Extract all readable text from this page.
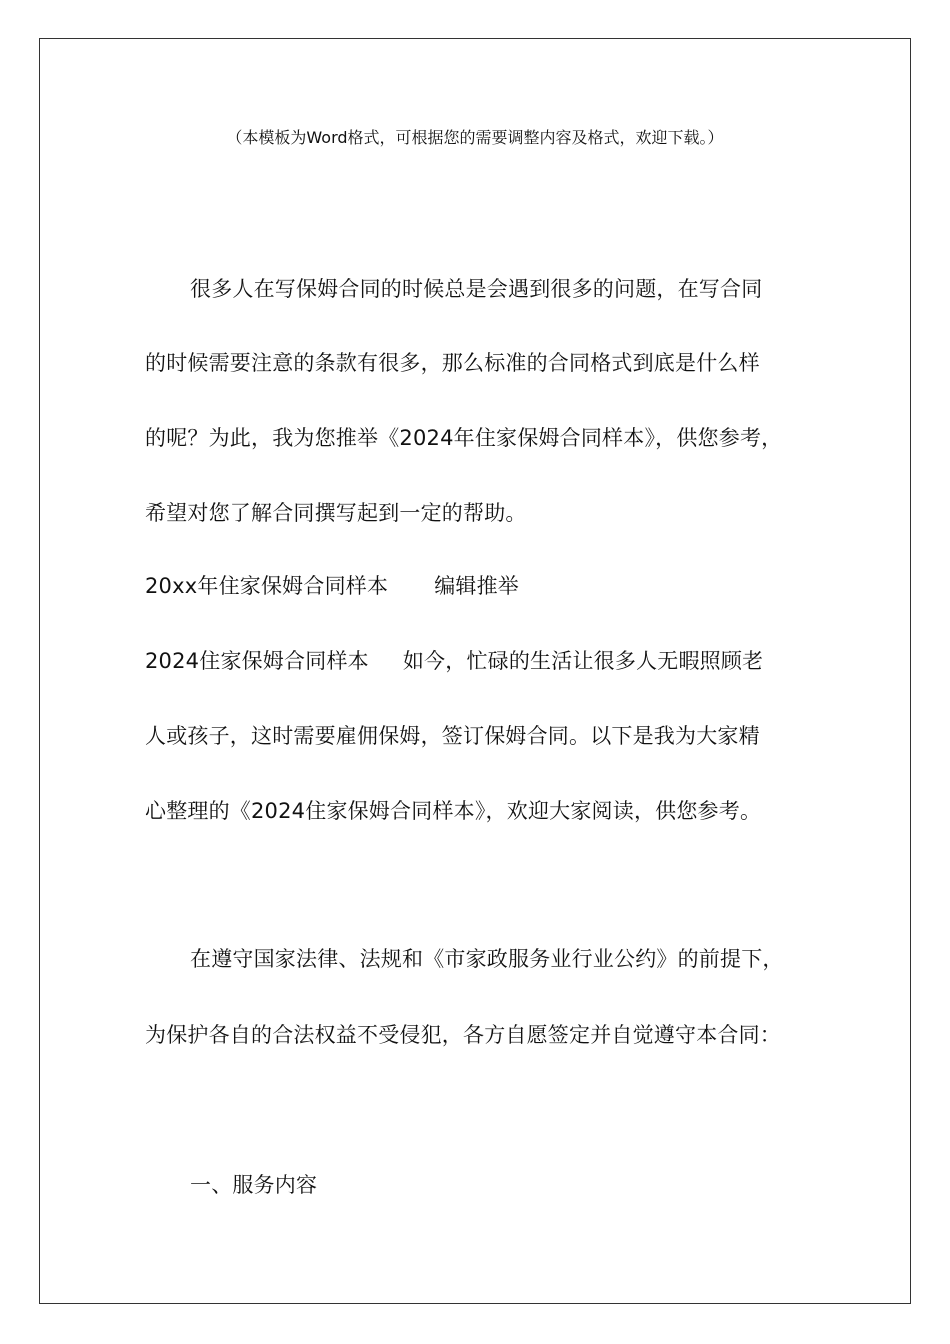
（本模板为Word格式，可根据您的需要调整内容及格式，欢迎下载。）
很多人在写保姆合同的时候总是会遇到很多的问题，在写合同
的时候需要注意的条款有很多，那么标准的合同格式到底是什么样
的呢？为此，我为您推举《2024年住家保姆合同样本》，供您参考，
希望对您了解合同撰写起到一定的帮助。
20xx年住家保姆合同样本 编辑推举
2024住家保姆合同样本 如今，忙碌的生活让很多人无暇照顾老
人或孩子，这时需要雇佣保姆，签订保姆合同。以下是我为大家精
心整理的《2024住家保姆合同样本》，欢迎大家阅读，供您参考。
在遵守国家法律、法规和《市家政服务业行业公约》的前提下，
为保护各自的合法权益不受侵犯，各方自愿签定并自觉遵守本合同：
一、服务内容
